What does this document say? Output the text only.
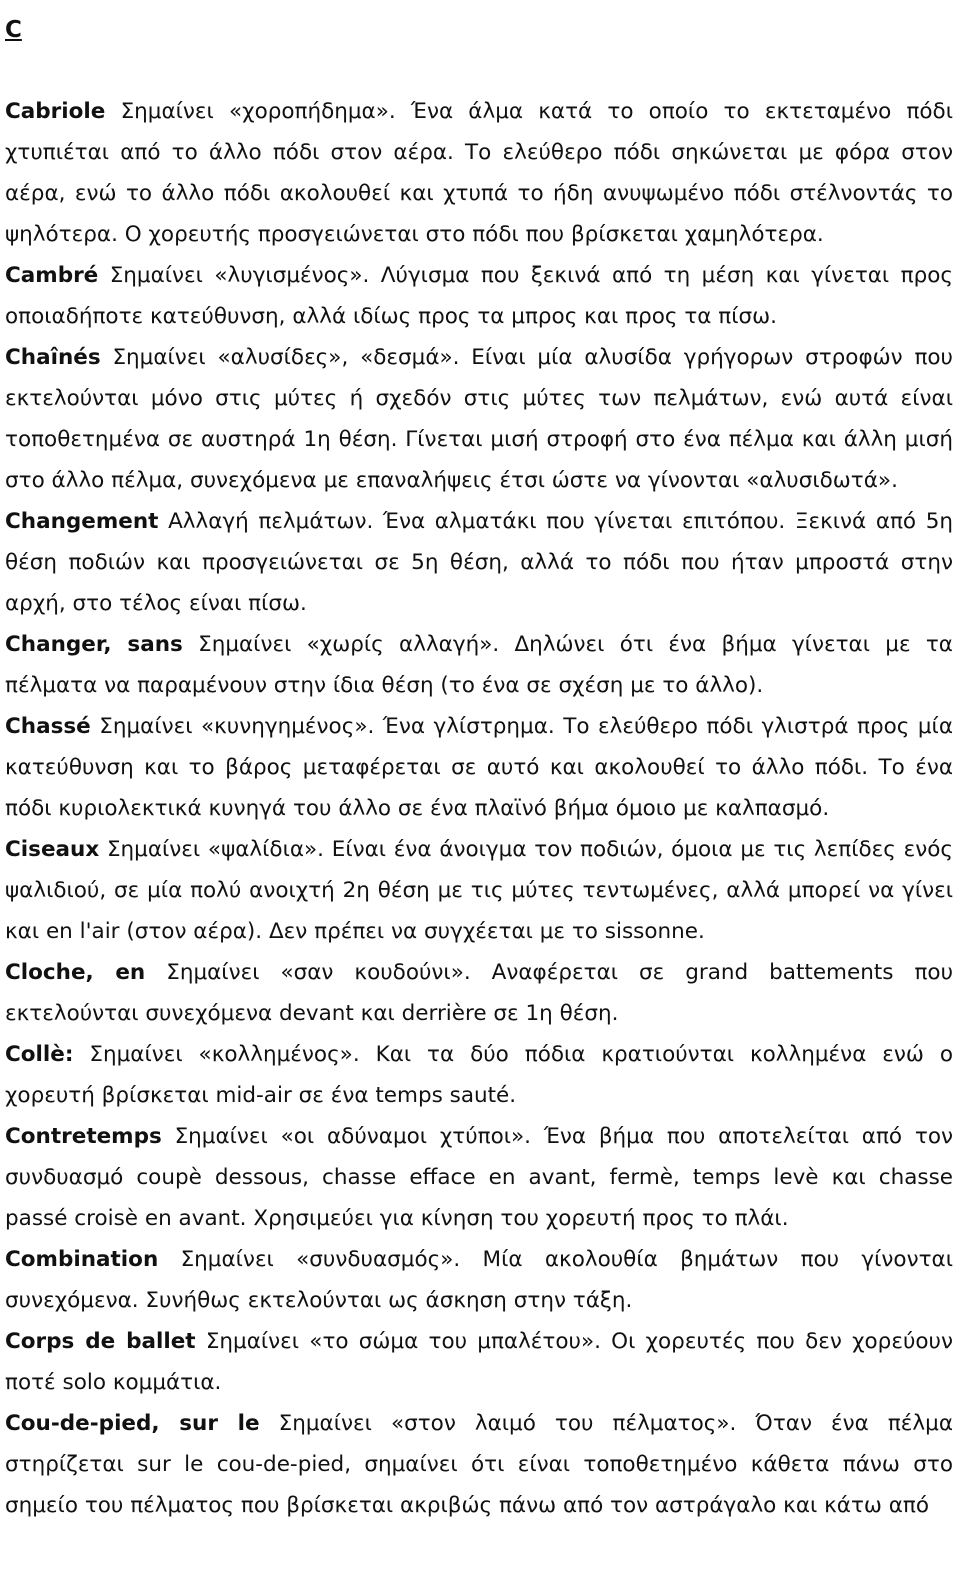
C

Cabriole Σημαίνει «χοροπήδημα». Ένα άλμα κατά το οποίο το εκτεταμένο πόδι χτυπιέται από το άλλο πόδι στον αέρα. Το ελεύθερο πόδι σηκώνεται με φόρα στον αέρα, ενώ το άλλο πόδι ακολουθεί και χτυπά το ήδη ανυψωμένο πόδι στέλνοντάς το ψηλότερα. Ο χορευτής προσγειώνεται στο πόδι που βρίσκεται χαμηλότερα.

Cambré Σημαίνει «λυγισμένος». Λύγισμα που ξεκινά από τη μέση και γίνεται προς οποιαδήποτε κατεύθυνση, αλλά ιδίως προς τα μπρος και προς τα πίσω.

Chaînés Σημαίνει «αλυσίδες», «δεσμά». Είναι μία αλυσίδα γρήγορων στροφών που εκτελούνται μόνο στις μύτες ή σχεδόν στις μύτες των πελμάτων, ενώ αυτά είναι τοποθετημένα σε αυστηρά 1η θέση. Γίνεται μισή στροφή στο ένα πέλμα και άλλη μισή στο άλλο πέλμα, συνεχόμενα με επαναλήψεις έτσι ώστε να γίνονται «αλυσιδωτά».

Changement Αλλαγή πελμάτων. Ένα αλματάκι που γίνεται επιτόπου. Ξεκινά από 5η θέση ποδιών και προσγειώνεται σε 5η θέση, αλλά το πόδι που ήταν μπροστά στην αρχή, στο τέλος είναι πίσω.

Changer, sans Σημαίνει «χωρίς αλλαγή». Δηλώνει ότι ένα βήμα γίνεται με τα πέλματα να παραμένουν στην ίδια θέση (το ένα σε σχέση με το άλλο).

Chassé Σημαίνει «κυνηγημένος». Ένα γλίστρημα. Το ελεύθερο πόδι γλιστρά προς μία κατεύθυνση και το βάρος μεταφέρεται σε αυτό και ακολουθεί το άλλο πόδι. Το ένα πόδι κυριολεκτικά κυνηγά του άλλο σε ένα πλαϊνό βήμα όμοιο με καλπασμό.

Ciseaux Σημαίνει «ψαλίδια». Είναι ένα άνοιγμα τον ποδιών, όμοια με τις λεπίδες ενός ψαλιδιού, σε μία πολύ ανοιχτή 2η θέση με τις μύτες τεντωμένες, αλλά μπορεί να γίνει και en l'air (στον αέρα). Δεν πρέπει να συγχέεται με το sissonne.

Cloche, en Σημαίνει «σαν κουδούνι». Αναφέρεται σε grand battements που εκτελούνται συνεχόμενα devant και derrière σε 1η θέση.

Collè: Σημαίνει «κολλημένος». Και τα δύο πόδια κρατιούνται κολλημένα ενώ ο χορευτή βρίσκεται mid-air σε ένα temps sauté.

Contretemps Σημαίνει «οι αδύναμοι χτύποι». Ένα βήμα που αποτελείται από τον συνδυασμό coupè dessous, chasse effaсe en avant, fermè, temps levè και chasse passé croisè en avant. Χρησιμεύει για κίνηση του χορευτή προς το πλάι.

Combination Σημαίνει «συνδυασμός». Μία ακολουθία βημάτων που γίνονται συνεχόμενα. Συνήθως εκτελούνται ως άσκηση στην τάξη.

Corps de ballet Σημαίνει «το σώμα του μπαλέτου». Οι χορευτές που δεν χορεύουν ποτέ solo κομμάτια.

Cou-de-pied, sur le Σημαίνει «στον λαιμό του πέλματος». Όταν ένα πέλμα στηρίζεται sur le cou-de-pied, σημαίνει ότι είναι τοποθετημένο κάθετα πάνω στο σημείο του πέλματος που βρίσκεται ακριβώς πάνω από τον αστράγαλο και κάτω από
